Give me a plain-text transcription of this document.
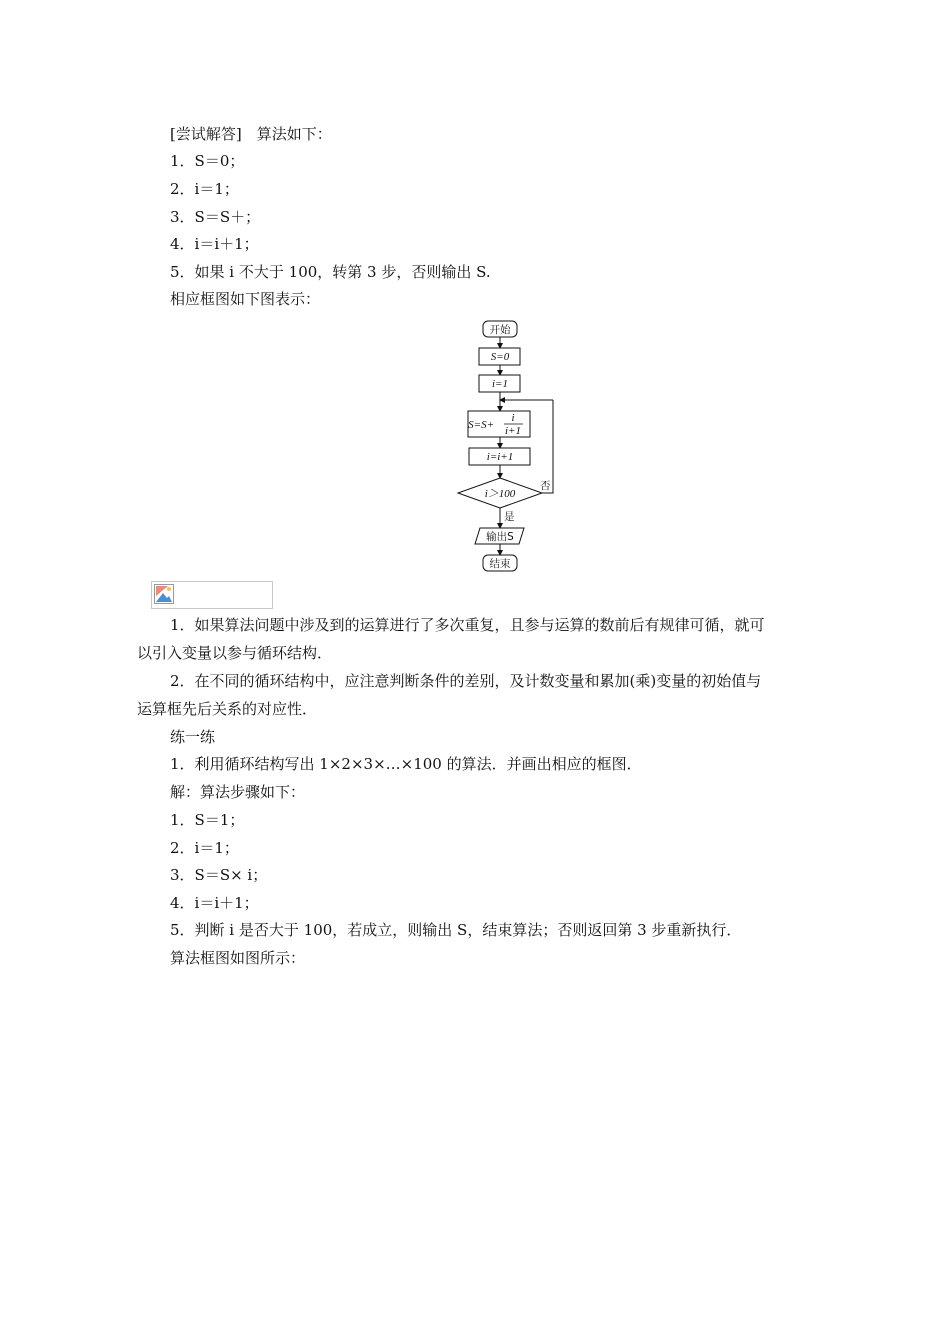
[尝试解答]　算法如下：
1．S＝0；
2．i＝1；
3．S＝S＋；
4．i＝i＋1；
5．如果 i 不大于 100，转第 3 步，否则输出 S.
相应框图如下图表示：
开始
S=0
i=1
S=S+
i
i+1
i=i+1
i＞100
否
是
输出S
结束
1．如果算法问题中涉及到的运算进行了多次重复，且参与运算的数前后有规律可循，就可
以引入变量以参与循环结构．
2．在不同的循环结构中，应注意判断条件的差别，及计数变量和累加(乘)变量的初始值与
运算框先后关系的对应性．
练一练
1．利用循环结构写出 1×2×3×…×100 的算法．并画出相应的框图．
解：算法步骤如下：
1．S＝1；
2．i＝1；
3．S＝S× i；
4．i＝i＋1；
5．判断 i 是否大于 100，若成立，则输出 S，结束算法；否则返回第 3 步重新执行．
算法框图如图所示：
